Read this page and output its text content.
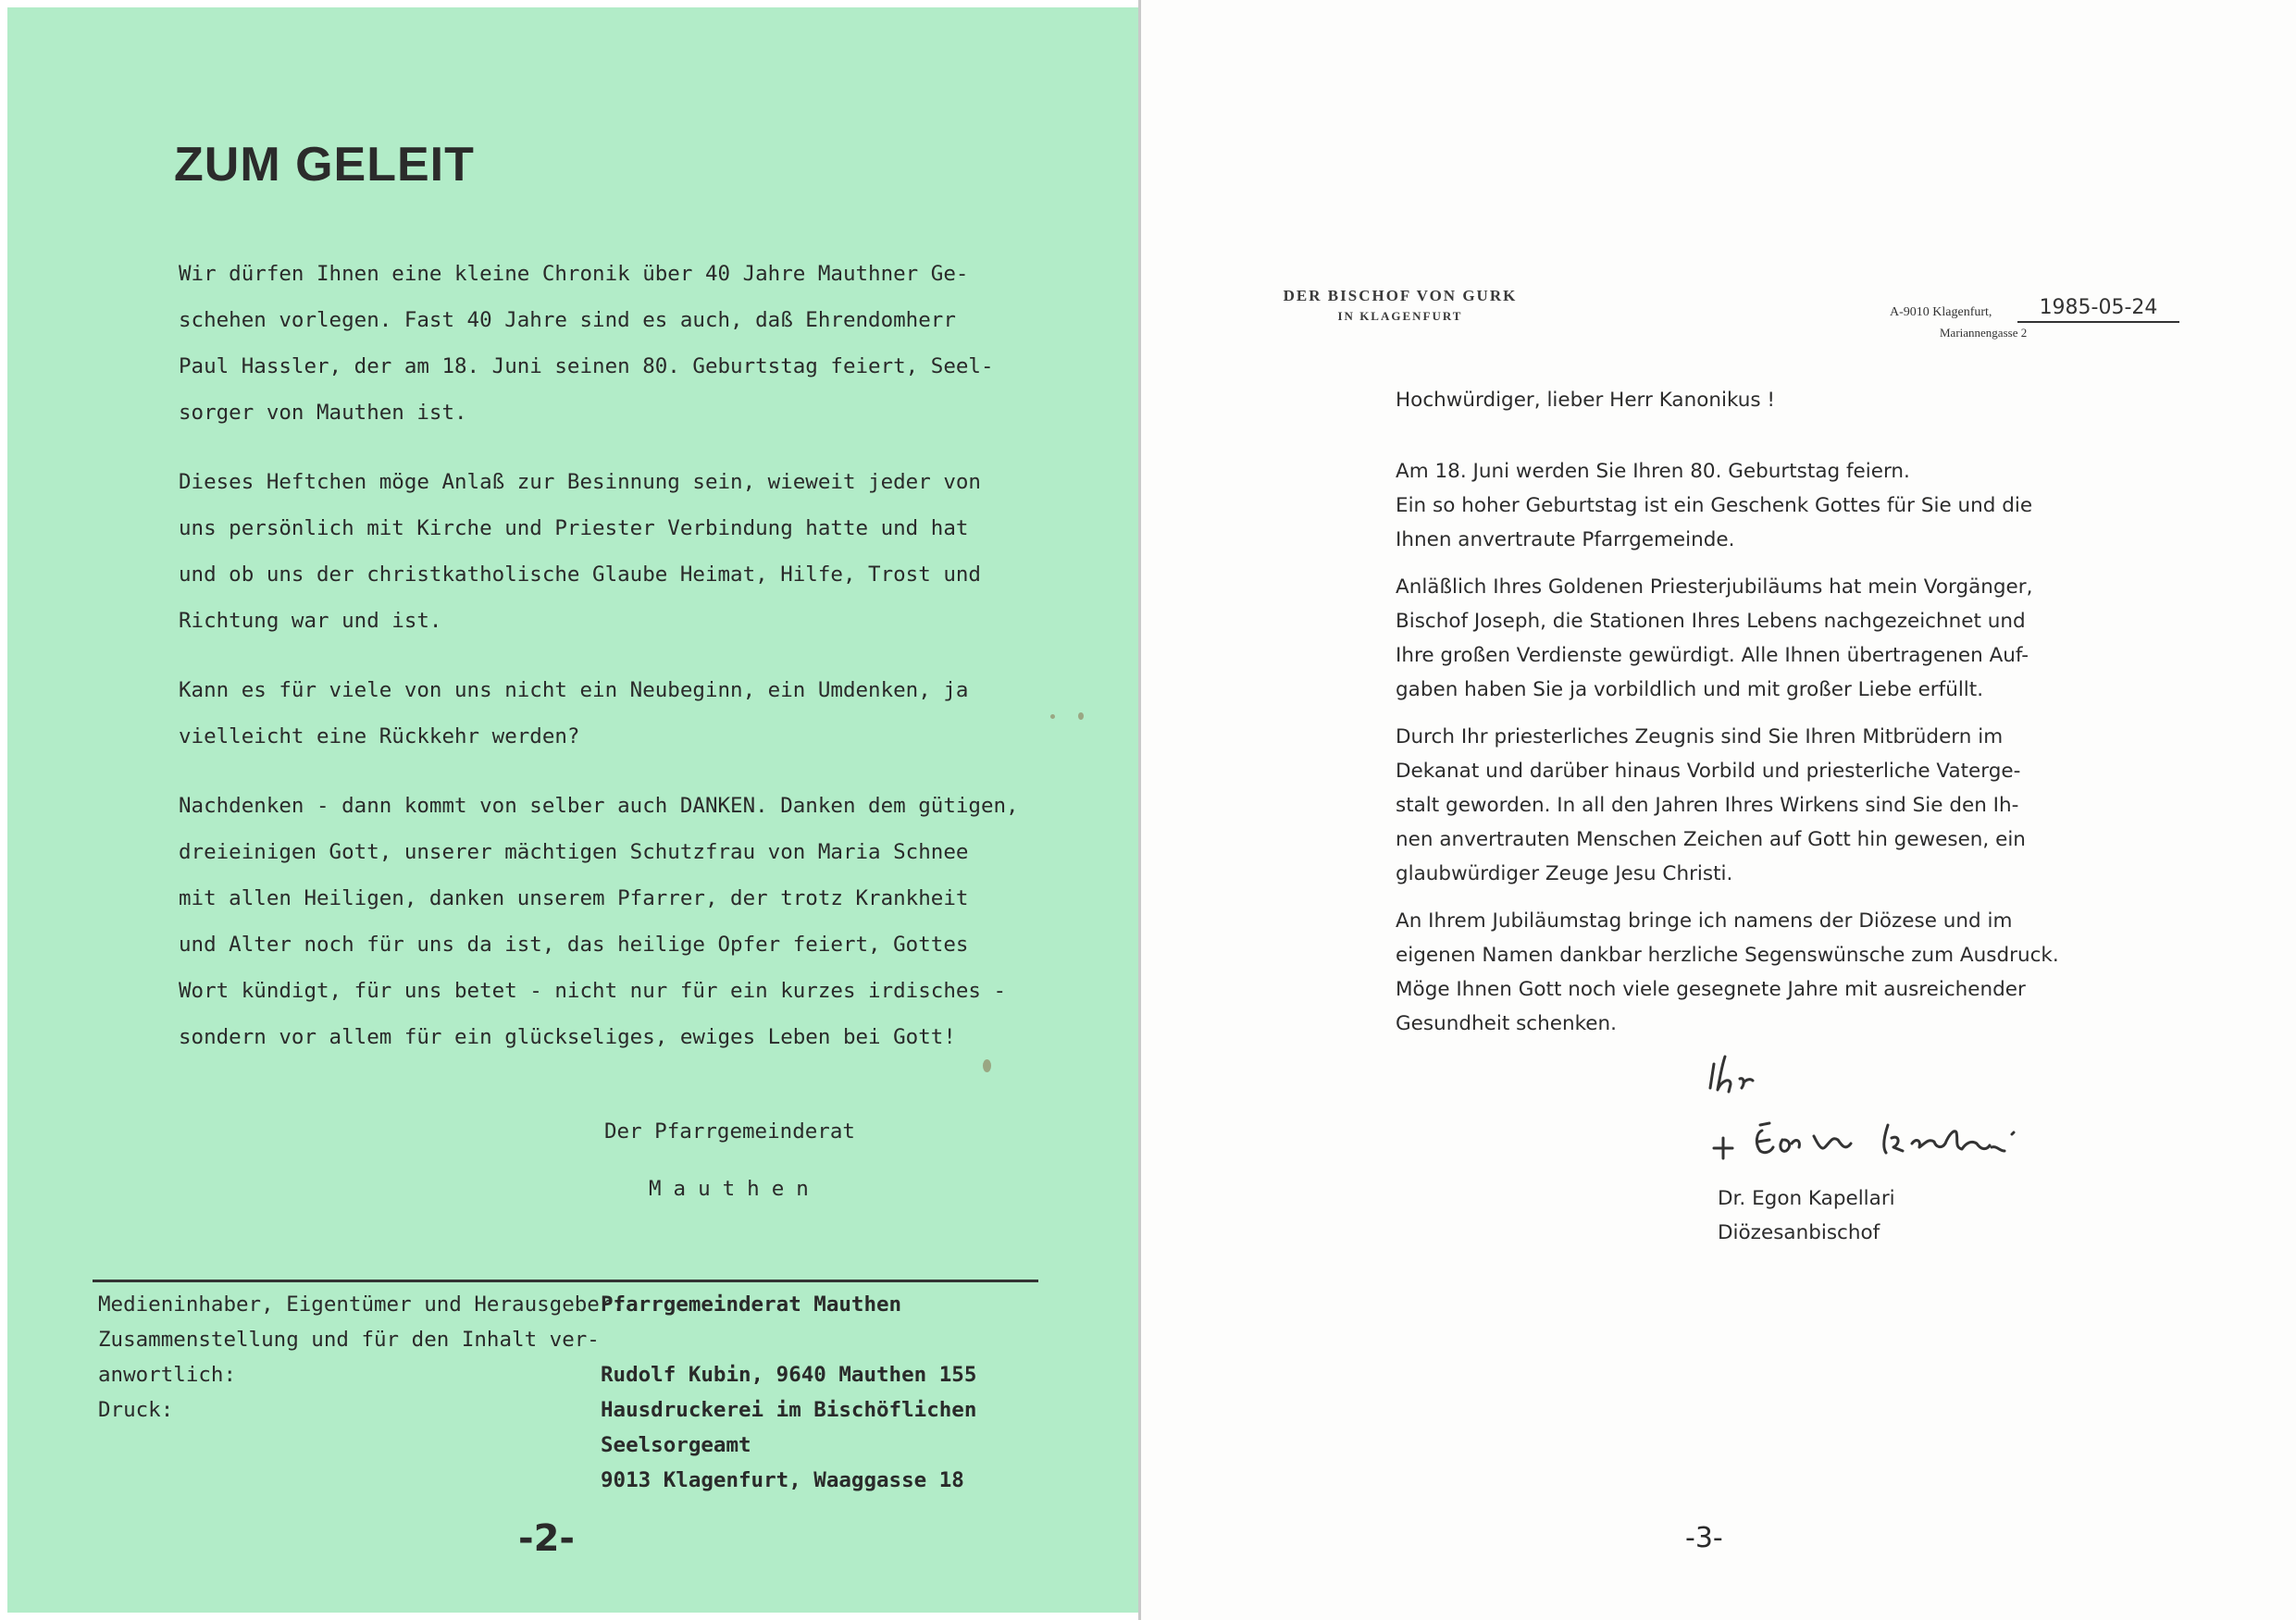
ZUM GELEIT
Wir dürfen Ihnen eine kleine Chronik über 40 Jahre Mauthner Ge-
schehen vorlegen. Fast 40 Jahre sind es auch, daß Ehrendomherr
Paul Hassler, der am 18. Juni seinen 80. Geburtstag feiert, Seel-
sorger von Mauthen ist.
Dieses Heftchen möge Anlaß zur Besinnung sein, wieweit jeder von
uns persönlich mit Kirche und Priester Verbindung hatte und hat
und ob uns der christkatholische Glaube Heimat, Hilfe, Trost und
Richtung war und ist.
Kann es für viele von uns nicht ein Neubeginn, ein Umdenken, ja
vielleicht eine Rückkehr werden?
Nachdenken - dann kommt von selber auch DANKEN. Danken dem gütigen,
dreieinigen Gott, unserer mächtigen Schutzfrau von Maria Schnee
mit allen Heiligen, danken unserem Pfarrer, der trotz Krankheit
und Alter noch für uns da ist, das heilige Opfer feiert, Gottes
Wort kündigt, für uns betet - nicht nur für ein kurzes irdisches -
sondern vor allem für ein glückseliges, ewiges Leben bei Gott!
Der Pfarrgemeinderat
Mauthen
Medieninhaber, Eigentümer und Herausgeber:
Pfarrgemeinderat Mauthen
Zusammenstellung und für den Inhalt ver-
anwortlich:	Rudolf Kubin, 9640 Mauthen 155
Druck:	Hausdruckerei im Bischöflichen
Seelsorgeamt
9013 Klagenfurt, Waaggasse 18
-2-
DER BISCHOF VON GURK
IN KLAGENFURT	A-9010 Klagenfurt,	1985-05-24
Mariannengasse 2
Hochwürdiger, lieber Herr Kanonikus !
Am 18. Juni werden Sie Ihren 80. Geburtstag feiern.
Ein so hoher Geburtstag ist ein Geschenk Gottes für Sie und die
Ihnen anvertraute Pfarrgemeinde.
Anläßlich Ihres Goldenen Priesterjubiläums hat mein Vorgänger,
Bischof Joseph, die Stationen Ihres Lebens nachgezeichnet und
Ihre großen Verdienste gewürdigt. Alle Ihnen übertragenen Auf-
gaben haben Sie ja vorbildlich und mit großer Liebe erfüllt.
Durch Ihr priesterliches Zeugnis sind Sie Ihren Mitbrüdern im
Dekanat und darüber hinaus Vorbild und priesterliche Vaterge-
stalt geworden. In all den Jahren Ihres Wirkens sind Sie den Ih-
nen anvertrauten Menschen Zeichen auf Gott hin gewesen, ein
glaubwürdiger Zeuge Jesu Christi.
An Ihrem Jubiläumstag bringe ich namens der Diözese und im
eigenen Namen dankbar herzliche Segenswünsche zum Ausdruck.
Möge Ihnen Gott noch viele gesegnete Jahre mit ausreichender
Gesundheit schenken.
Dr. Egon Kapellari
Diözesanbischof
-3-
